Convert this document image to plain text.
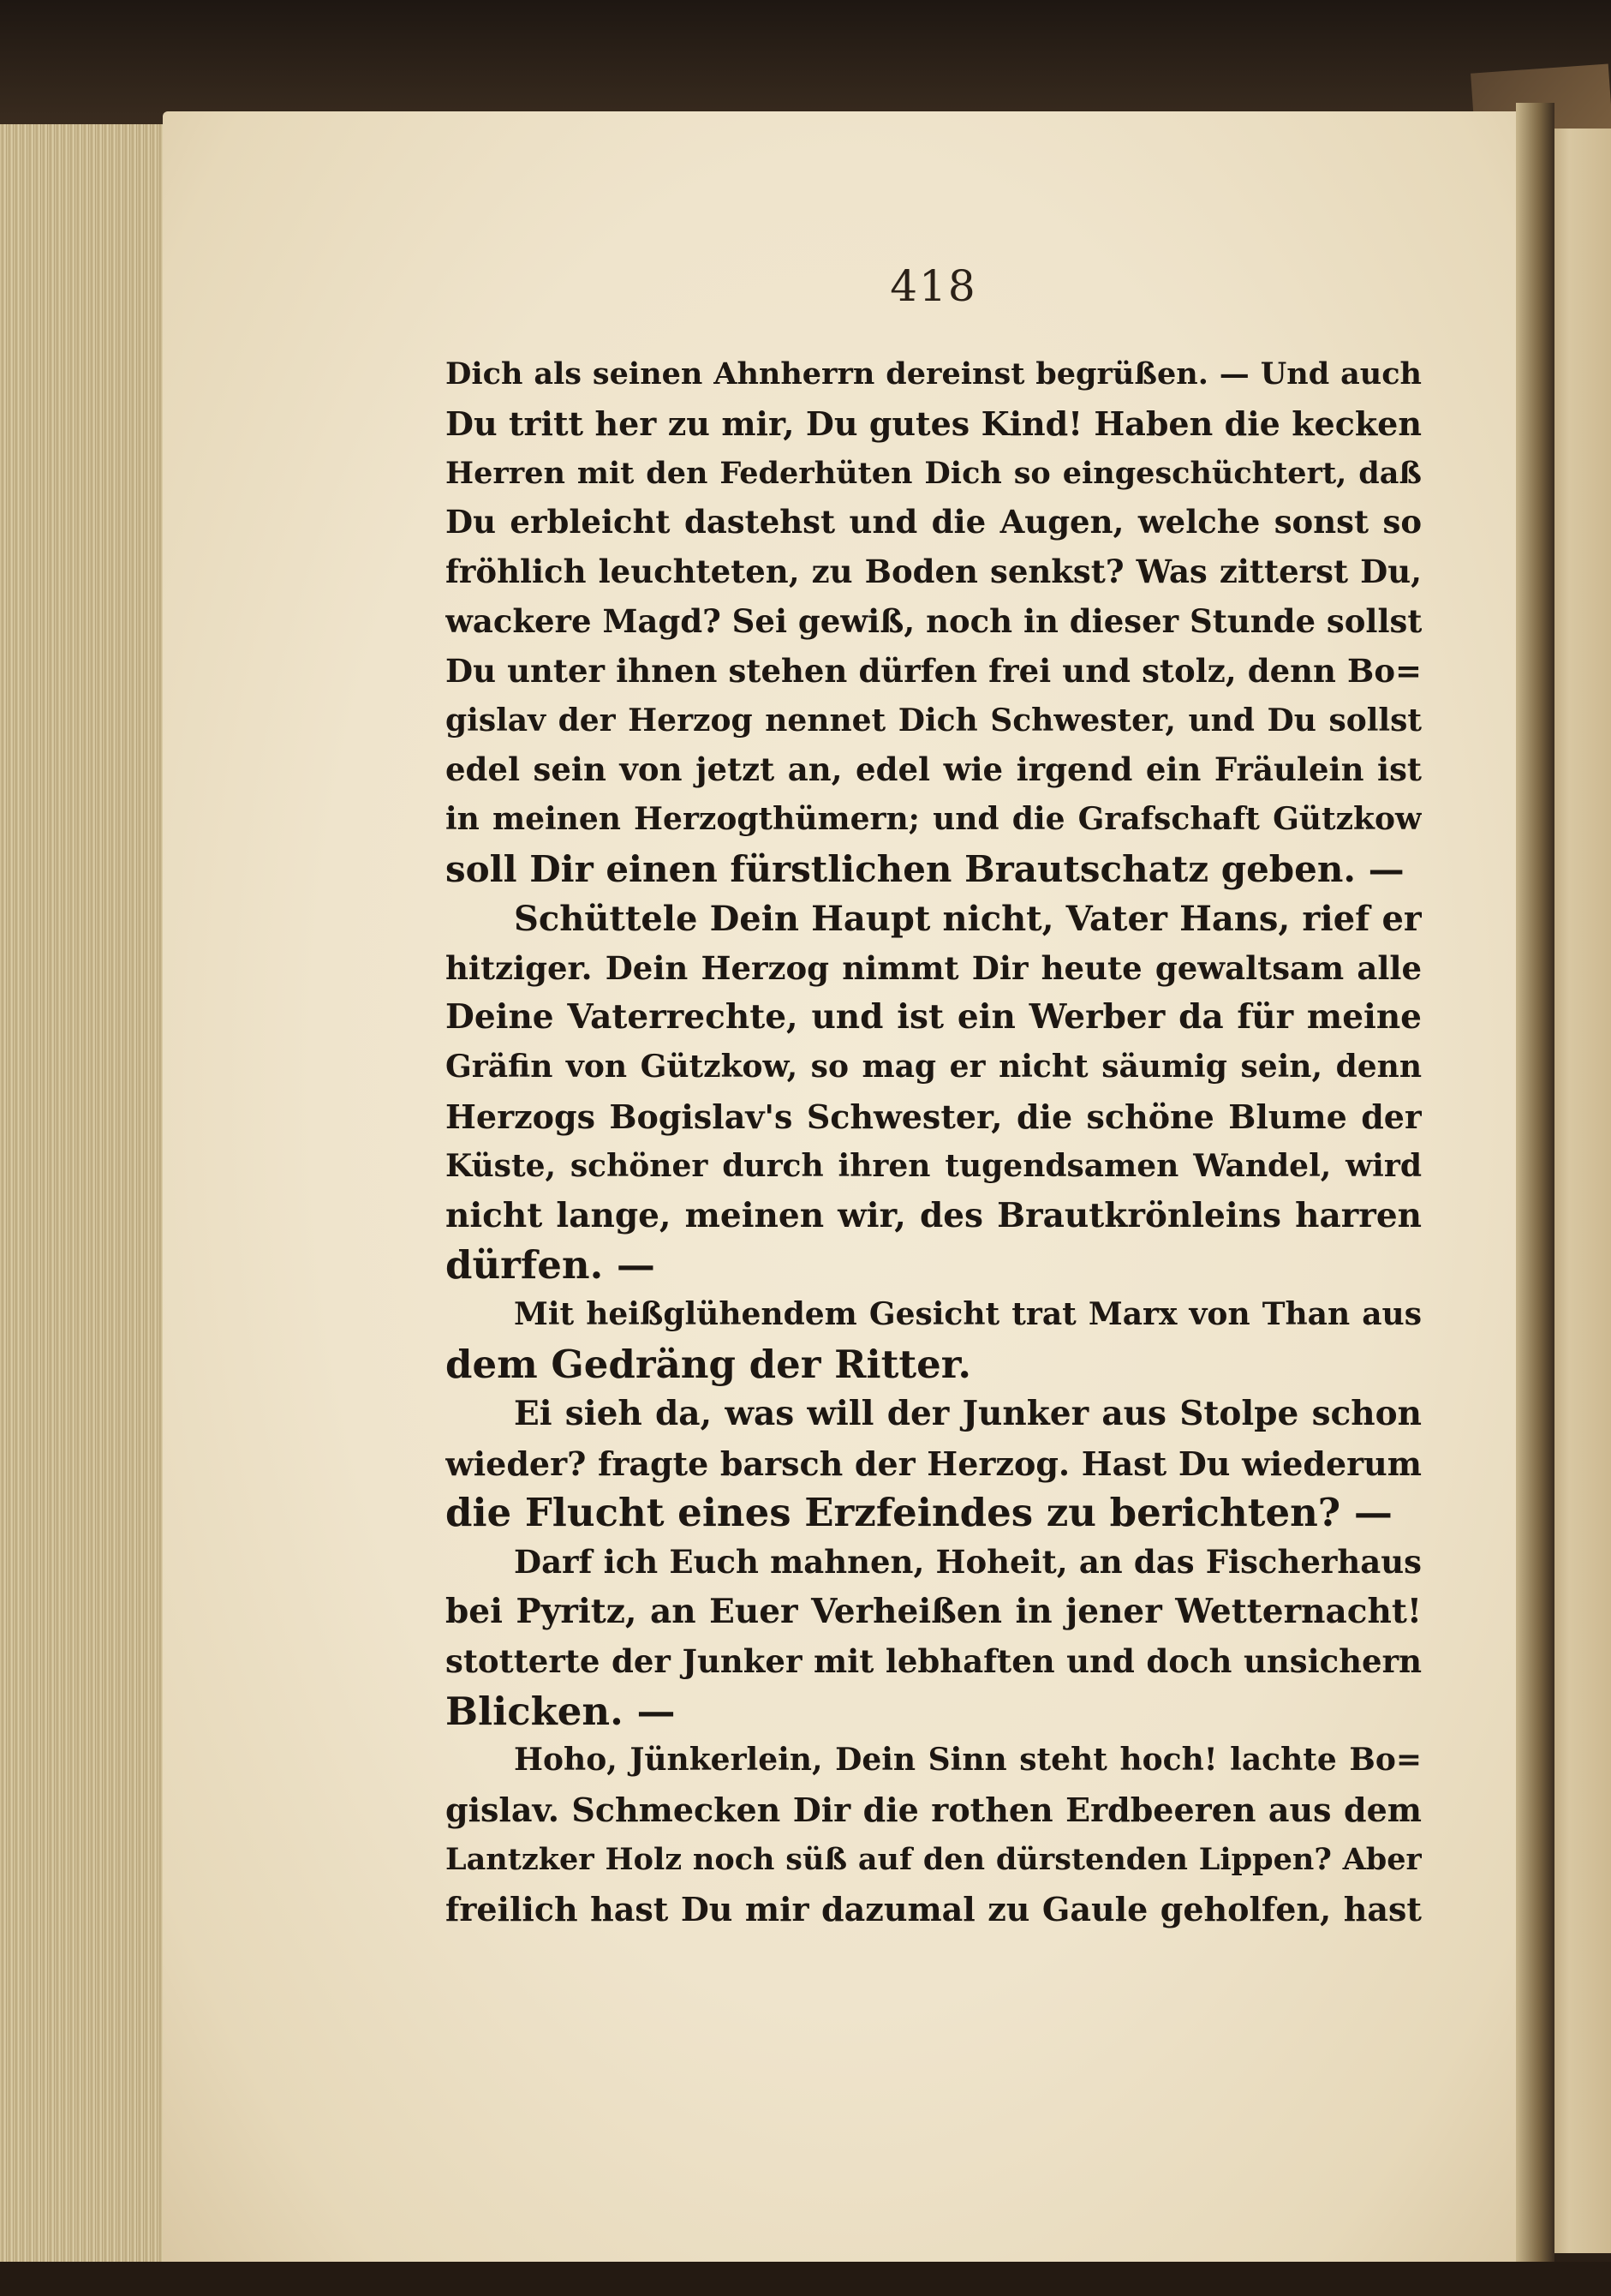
418
Dich als seinen Ahnherrn dereinst begrüßen. — Und auch
Du tritt her zu mir, Du gutes Kind! Haben die kecken
Herren mit den Federhüten Dich so eingeschüchtert, daß
Du erbleicht dastehst und die Augen, welche sonst so
fröhlich leuchteten, zu Boden senkst? Was zitterst Du,
wackere Magd? Sei gewiß, noch in dieser Stunde sollst
Du unter ihnen stehen dürfen frei und stolz, denn Bo=
gislav der Herzog nennet Dich Schwester, und Du sollst
edel sein von jetzt an, edel wie irgend ein Fräulein ist
in meinen Herzogthümern; und die Grafschaft Gützkow
soll Dir einen fürstlichen Brautschatz geben. —
Schüttele Dein Haupt nicht, Vater Hans, rief er
hitziger. Dein Herzog nimmt Dir heute gewaltsam alle
Deine Vaterrechte, und ist ein Werber da für meine
Gräfin von Gützkow, so mag er nicht säumig sein, denn
Herzogs Bogislav's Schwester, die schöne Blume der
Küste, schöner durch ihren tugendsamen Wandel, wird
nicht lange, meinen wir, des Brautkrönleins harren
dürfen. —
Mit heißglühendem Gesicht trat Marx von Than aus
dem Gedräng der Ritter.
Ei sieh da, was will der Junker aus Stolpe schon
wieder? fragte barsch der Herzog. Hast Du wiederum
die Flucht eines Erzfeindes zu berichten? —
Darf ich Euch mahnen, Hoheit, an das Fischerhaus
bei Pyritz, an Euer Verheißen in jener Wetternacht!
stotterte der Junker mit lebhaften und doch unsichern
Blicken. —
Hoho, Jünkerlein, Dein Sinn steht hoch! lachte Bo=
gislav. Schmecken Dir die rothen Erdbeeren aus dem
Lantzker Holz noch süß auf den dürstenden Lippen? Aber
freilich hast Du mir dazumal zu Gaule geholfen, hast
